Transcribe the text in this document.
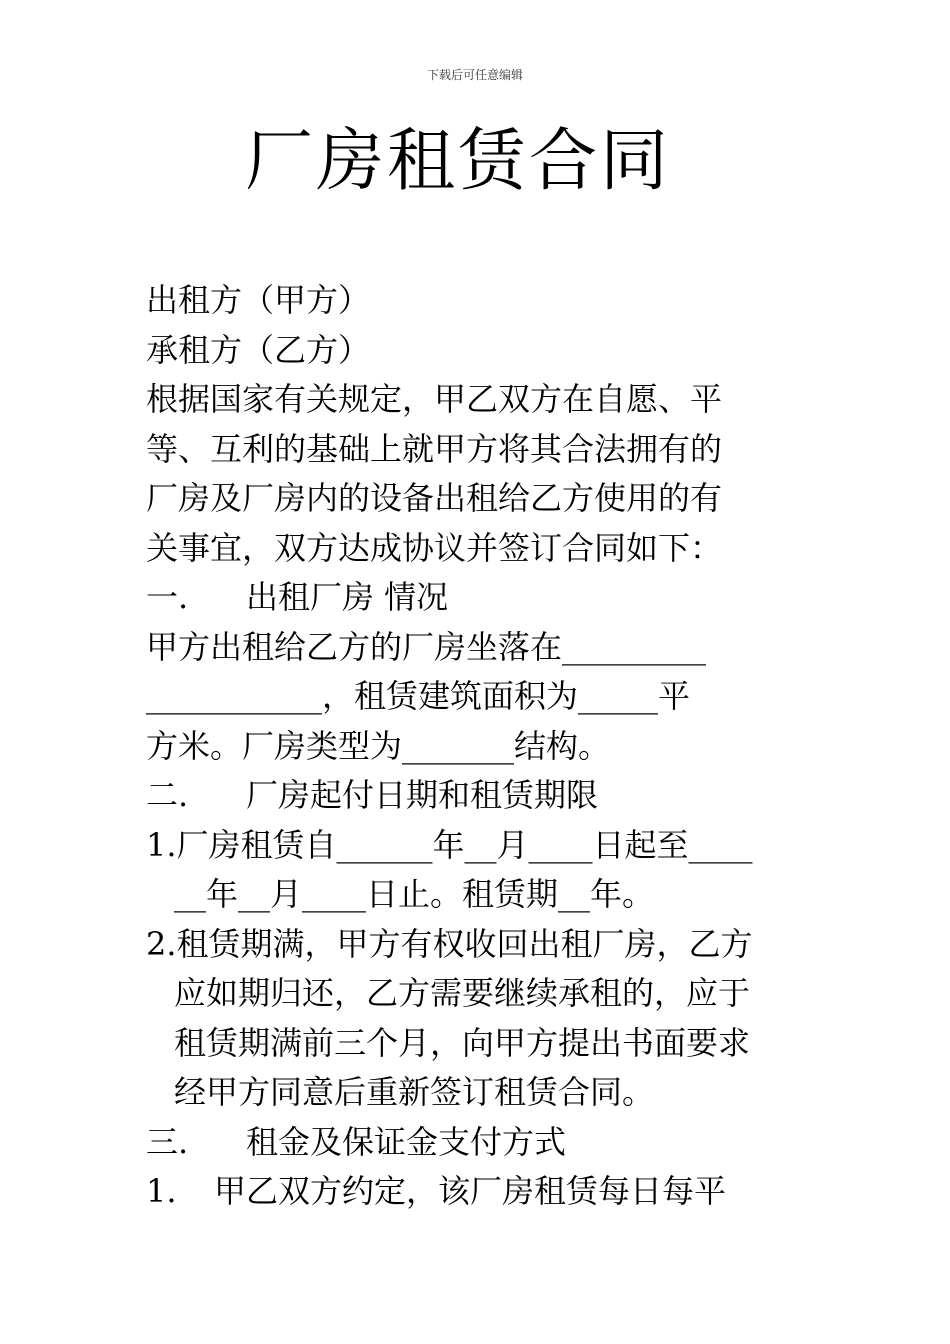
下载后可任意编辑
厂房租赁合同
出租方（甲方）
承租方（乙方）
根据国家有关规定，甲乙双方在自愿、平
等、互利的基础上就甲方将其合法拥有的
厂房及厂房内的设备出租给乙方使用的有
关事宜，双方达成协议并签订合同如下：
一. 出租厂房 情况
甲方出租给乙方的厂房坐落在_________
___________，租赁建筑面积为_____平
方米。厂房类型为_______结构。
二. 厂房起付日期和租赁期限
1.厂房租赁自______年__月____日起至____
__年__月____日止。租赁期__年。
2.租赁期满，甲方有权收回出租厂房，乙方
应如期归还，乙方需要继续承租的，应于
租赁期满前三个月，向甲方提出书面要求
经甲方同意后重新签订租赁合同。
三. 租金及保证金支付方式
1. 甲乙双方约定，该厂房租赁每日每平
